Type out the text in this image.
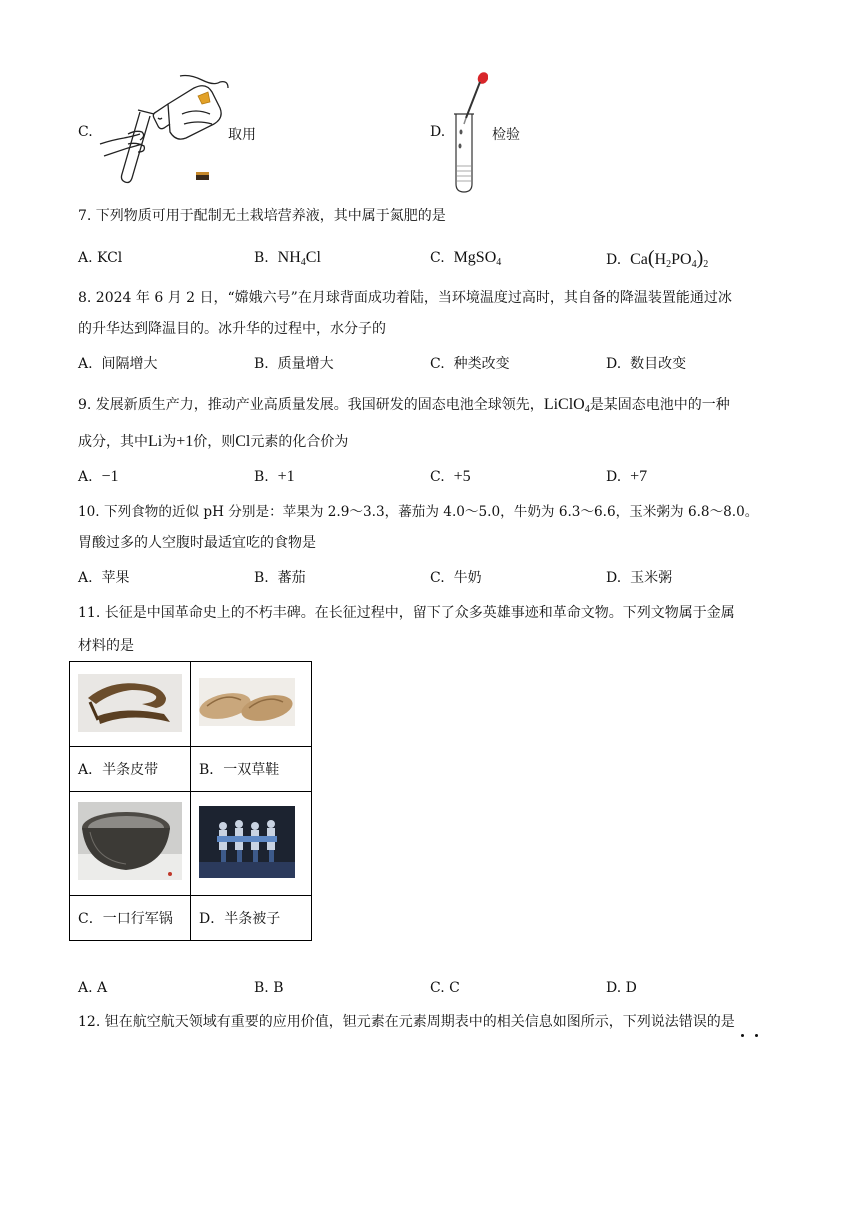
C.	取用	D.	检验
7. 下列物质可用于配制无土栽培营养液，其中属于氮肥的是
A. KCl	B. $NH_4Cl$	C. MgSO$_4$	D. $Ca(H_2PO_4)_2$
8. 2024 年 6 月 2 日，“嫦娥六号”在月球背面成功着陆，当环境温度过高时，其自备的降温装置能通过冰
的升华达到降温目的。冰升华的过程中，水分子的
A. 间隔增大	B. 质量增大	C. 种类改变	D. 数目改变
9. 发展新质生产力，推动产业高质量发展。我国研发的固态电池全球领先，LiClO$_4$是某固态电池中的一种
成分，其中Li为+1价，则Cl元素的化合价为
A. −1	B. +1	C. +5	D. +7
10. 下列食物的近似 pH 分别是：苹果为 2.9～3.3，蕃茄为 4.0～5.0，牛奶为 6.3～6.6，玉米粥为 6.8～8.0。
胃酸过多的人空腹时最适宜吃的食物是
A. 苹果	B. 蕃茄	C. 牛奶	D. 玉米粥
11. 长征是中国革命史上的不朽丰碑。在长征过程中，留下了众多英雄事迹和革命文物。下列文物属于金属
材料的是

A．半条皮带	B．一双草鞋

C．一口行军锅	D．半条被子
A. A	B. B	C. C	D. D
12. 钽在航空航天领域有重要的应用价值，钽元素在元素周期表中的相关信息如图所示，下列说法错误的是
